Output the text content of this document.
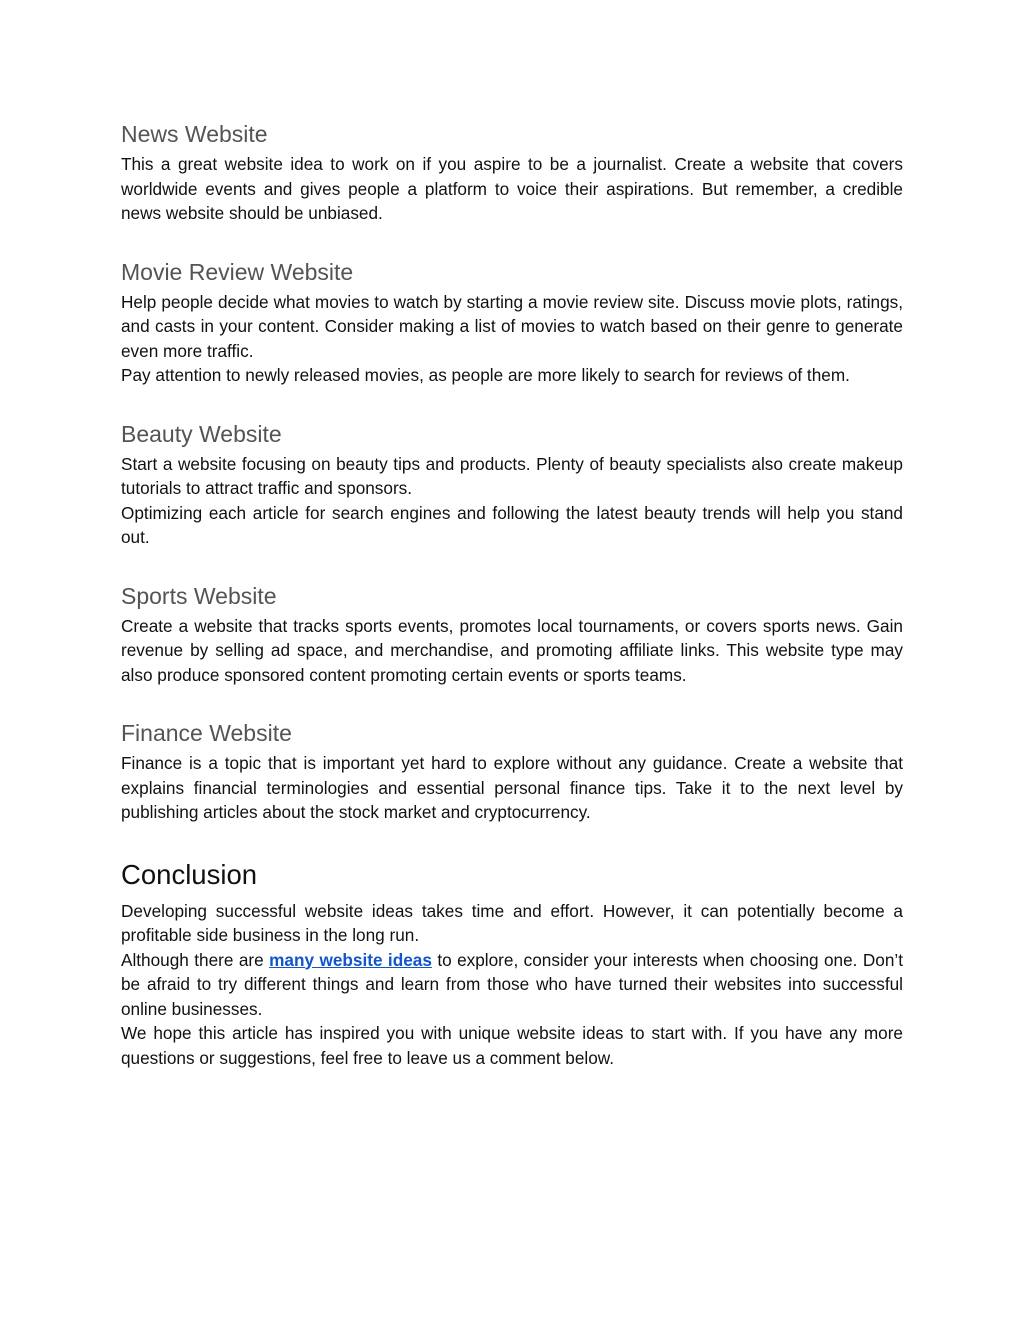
News Website

This a great website idea to work on if you aspire to be a journalist. Create a website that covers worldwide events and gives people a platform to voice their aspirations. But remember, a credible news website should be unbiased.

Movie Review Website

Help people decide what movies to watch by starting a movie review site. Discuss movie plots, ratings, and casts in your content. Consider making a list of movies to watch based on their genre to generate even more traffic.

Pay attention to newly released movies, as people are more likely to search for reviews of them.

Beauty Website

Start a website focusing on beauty tips and products. Plenty of beauty specialists also create makeup tutorials to attract traffic and sponsors.

Optimizing each article for search engines and following the latest beauty trends will help you stand out.

Sports Website

Create a website that tracks sports events, promotes local tournaments, or covers sports news. Gain revenue by selling ad space, and merchandise, and promoting affiliate links. This website type may also produce sponsored content promoting certain events or sports teams.

Finance Website

Finance is a topic that is important yet hard to explore without any guidance. Create a website that explains financial terminologies and essential personal finance tips. Take it to the next level by publishing articles about the stock market and cryptocurrency.

Conclusion

Developing successful website ideas takes time and effort. However, it can potentially become a profitable side business in the long run.

Although there are many website ideas to explore, consider your interests when choosing one. Don’t be afraid to try different things and learn from those who have turned their websites into successful online businesses.

We hope this article has inspired you with unique website ideas to start with. If you have any more questions or suggestions, feel free to leave us a comment below.
